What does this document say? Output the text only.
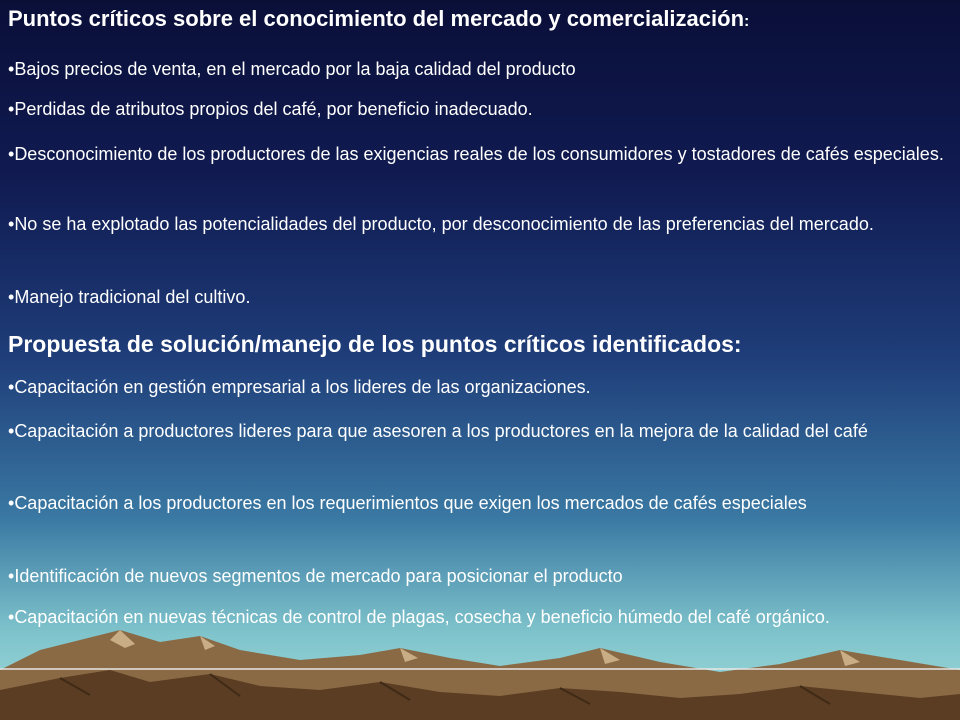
Puntos críticos sobre el conocimiento del mercado y comercialización:

•Bajos precios de venta, en el mercado por la baja calidad del producto

•Perdidas de atributos propios del café, por beneficio inadecuado.

•Desconocimiento de los productores de las exigencias reales de los consumidores y tostadores de cafés especiales.

•No se ha explotado las potencialidades del producto, por desconocimiento de las preferencias del mercado.

•Manejo tradicional del cultivo.

Propuesta de solución/manejo de los puntos críticos identificados:

•Capacitación en gestión empresarial a los lideres de las organizaciones.

•Capacitación a productores lideres para que asesoren a los productores en la mejora de la calidad del café

•Capacitación a los productores en los requerimientos que exigen los mercados de cafés especiales

•Identificación de nuevos segmentos de mercado para posicionar el producto

•Capacitación en nuevas técnicas de control de plagas, cosecha y beneficio húmedo del café orgánico.
